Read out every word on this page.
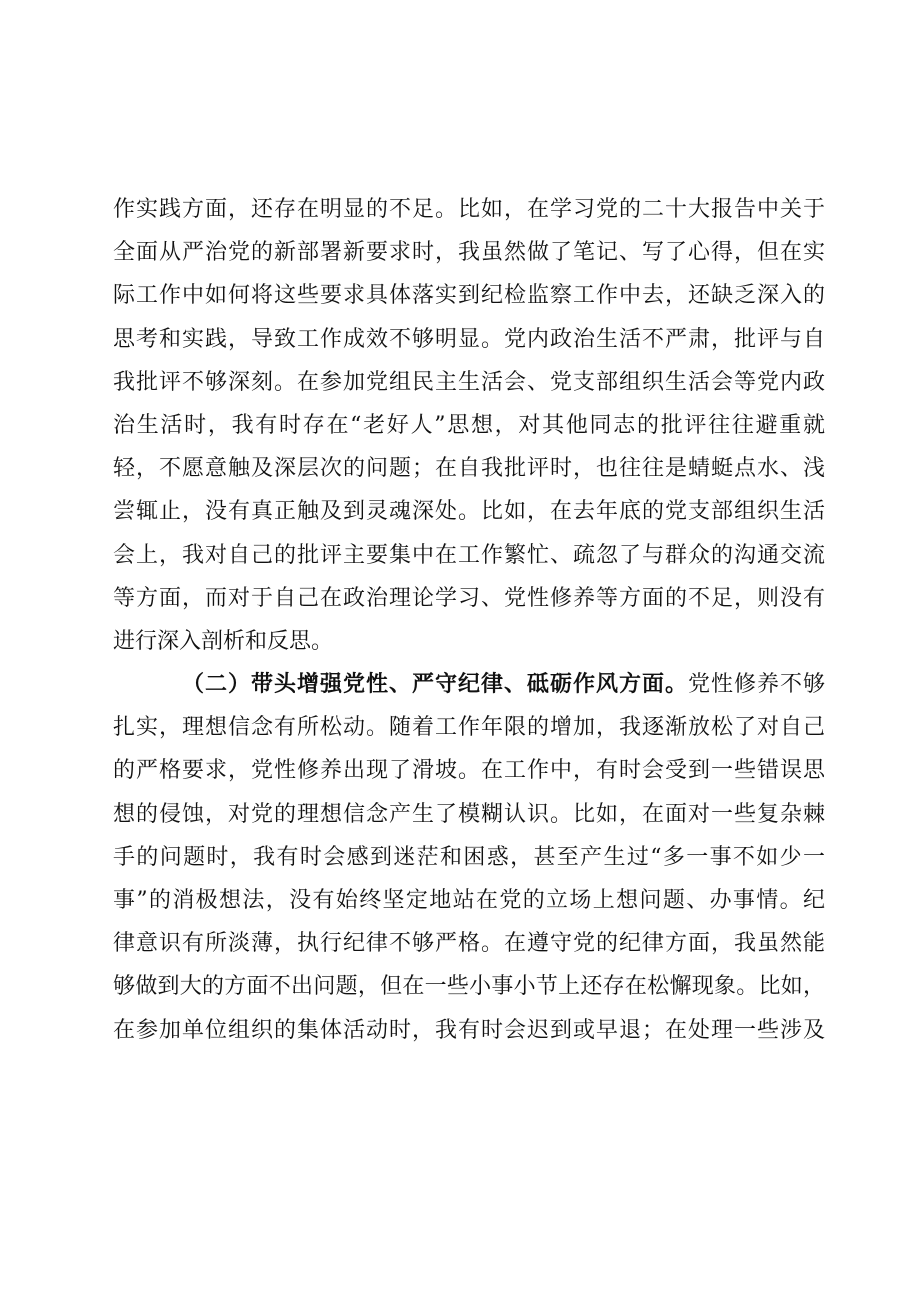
作实践方面，还存在明显的不足。比如，在学习党的二十大报告中关于
全面从严治党的新部署新要求时，我虽然做了笔记、写了心得，但在实
际工作中如何将这些要求具体落实到纪检监察工作中去，还缺乏深入的
思考和实践，导致工作成效不够明显。党内政治生活不严肃，批评与自
我批评不够深刻。在参加党组民主生活会、党支部组织生活会等党内政
治生活时，我有时存在“老好人”思想，对其他同志的批评往往避重就
轻，不愿意触及深层次的问题；在自我批评时，也往往是蜻蜓点水、浅
尝辄止，没有真正触及到灵魂深处。比如，在去年底的党支部组织生活
会上，我对自己的批评主要集中在工作繁忙、疏忽了与群众的沟通交流
等方面，而对于自己在政治理论学习、党性修养等方面的不足，则没有
进行深入剖析和反思。
（二）带头增强党性、严守纪律、砥砺作风方面。党性修养不够
扎实，理想信念有所松动。随着工作年限的增加，我逐渐放松了对自己
的严格要求，党性修养出现了滑坡。在工作中，有时会受到一些错误思
想的侵蚀，对党的理想信念产生了模糊认识。比如，在面对一些复杂棘
手的问题时，我有时会感到迷茫和困惑，甚至产生过“多一事不如少一
事”的消极想法，没有始终坚定地站在党的立场上想问题、办事情。纪
律意识有所淡薄，执行纪律不够严格。在遵守党的纪律方面，我虽然能
够做到大的方面不出问题，但在一些小事小节上还存在松懈现象。比如，
在参加单位组织的集体活动时，我有时会迟到或早退；在处理一些涉及
